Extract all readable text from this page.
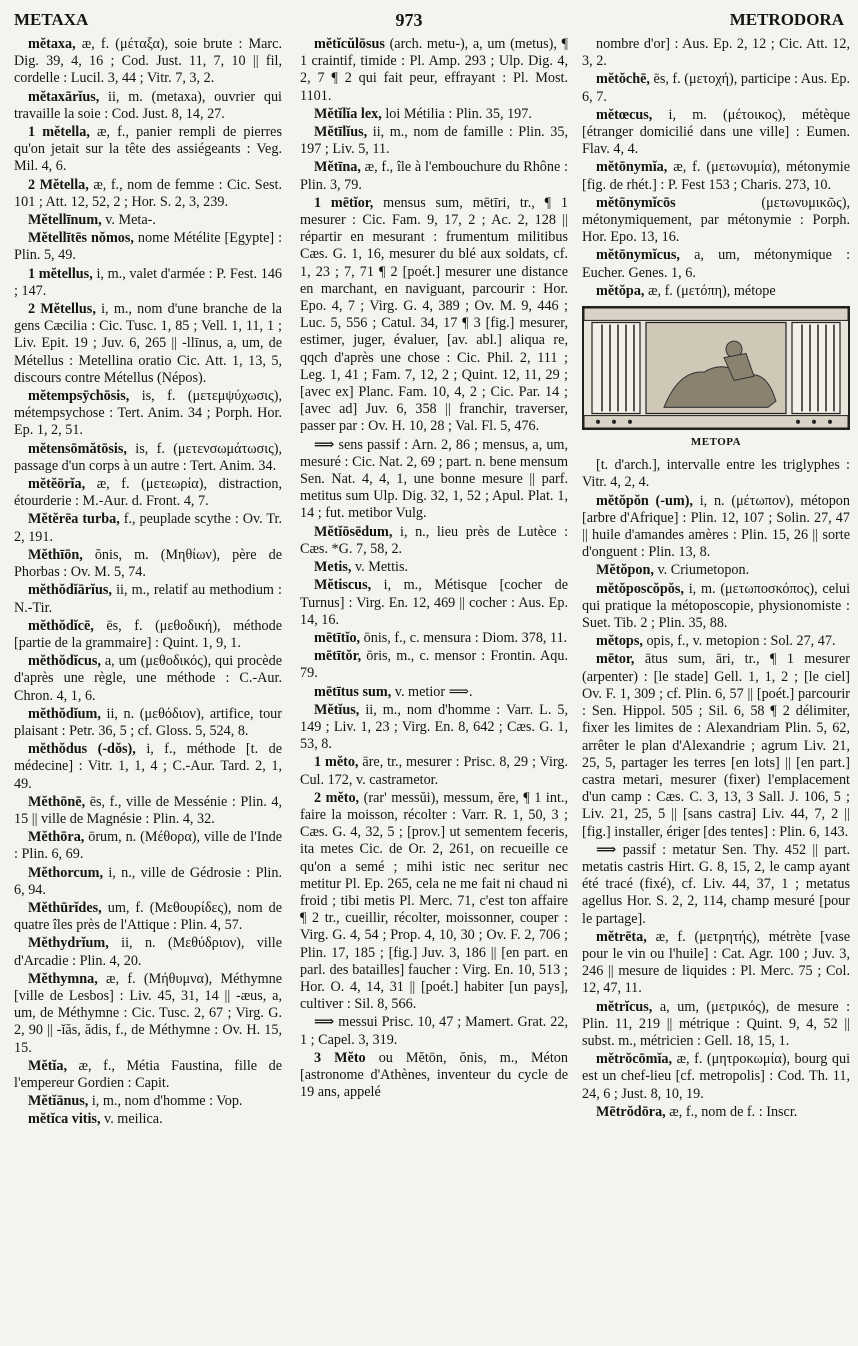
METAXA	973	METRODORA

mĕtaxa, æ, f. (μέταξα), soie brute : Marc. Dig. 39, 4, 16 ; Cod. Just. 11, 7, 10 || fil, cordelle : Lucil. 3, 44 ; Vitr. 7, 3, 2.

mĕtaxārĭus, ii, m. (metaxa), ouvrier qui travaille la soie : Cod. Just. 8, 14, 27.

1 mĕtella, æ, f., panier rempli de pierres qu'on jetait sur la tête des assiégeants : Veg. Mil. 4, 6.

2 Mĕtella, æ, f., nom de femme : Cic. Sest. 101 ; Att. 12, 52, 2 ; Hor. S. 2, 3, 239.

Mĕtellīnum, v. Meta-.

Mĕtellītēs nŏmos, nome Métélite [Egypte] : Plin. 5, 49.

1 mĕtellus, i, m., valet d'armée : P. Fest. 146 ; 147.

2 Mĕtellus, i, m., nom d'une branche de la gens Cæcilia : Cic. Tusc. 1, 85 ; Vell. 1, 11, 1 ; Liv. Epit. 19 ; Juv. 6, 265 || -llīnus, a, um, de Métellus : Metellina oratio Cic. Att. 1, 13, 5, discours contre Métellus (Népos).

mĕtempsȳchōsis, is, f. (μετεμψύχωσις), métempsychose : Tert. Anim. 34 ; Porph. Hor. Ep. 1, 2, 51.

mĕtensōmătōsis, is, f. (μετενσωμάτωσις), passage d'un corps à un autre : Tert. Anim. 34.

mĕtĕōrĭa, æ, f. (μετεωρία), distraction, étourderie : M.-Aur. d. Front. 4, 7.

Mĕtĕrēa turba, f., peuplade scythe : Ov. Tr. 2, 191.

Mĕthīōn, ŏnis, m. (Μηθίων), père de Phorbas : Ov. M. 5, 74.

mĕthŏdĭārĭus, ii, m., relatif au methodium : N.-Tir.

mĕthŏdĭcē, ēs, f. (μεθοδική), méthode [partie de la grammaire] : Quint. 1, 9, 1.

mĕthŏdĭcus, a, um (μεθοδικός), qui procède d'après une règle, une méthode : C.-Aur. Chron. 4, 1, 6.

mĕthŏdĭum, ii, n. (μεθόδιον), artifice, tour plaisant : Petr. 36, 5 ; cf. Gloss. 5, 524, 8.

mĕthŏdus (-dŏs), i, f., méthode [t. de médecine] : Vitr. 1, 1, 4 ; C.-Aur. Tard. 2, 1, 49.

Mĕthōnē, ēs, f., ville de Messénie : Plin. 4, 15 || ville de Magnésie : Plin. 4, 32.

Mĕthōra, ōrum, n. (Μέθορα), ville de l'Inde : Plin. 6, 69.

Mĕthorcum, i, n., ville de Gédrosie : Plin. 6, 94.

Mĕthūrĭdes, um, f. (Μεθουρίδες), nom de quatre îles près de l'Attique : Plin. 4, 57.

Mĕthydrĭum, ii, n. (Μεθύδριον), ville d'Arcadie : Plin. 4, 20.

Mĕthymna, æ, f. (Μήθυμνα), Méthymne [ville de Lesbos] : Liv. 45, 31, 14 || -æus, a, um, de Méthymne : Cic. Tusc. 2, 67 ; Virg. G. 2, 90 || -ĭăs, ădis, f., de Méthymne : Ov. H. 15, 15.

Mĕtĭa, æ, f., Métia Faustina, fille de l'empereur Gordien : Capit.

Mĕtĭānus, i, m., nom d'homme : Vop.

mĕtĭca vitis, v. meilica.

mĕtĭcŭlōsus (arch. metu-), a, um (metus), ¶ 1 craintif, timide : Pl. Amp. 293 ; Ulp. Dig. 4, 2, 7 ¶ 2 qui fait peur, effrayant : Pl. Most. 1101.

Mĕtĭlĭa lex, loi Métilia : Plin. 35, 197.

Mĕtīlĭus, ii, m., nom de famille : Plin. 35, 197 ; Liv. 5, 11.

Mĕtīna, æ, f., île à l'embouchure du Rhône : Plin. 3, 79.

1 mētĭor, mensus sum, mētīri, tr., ¶ 1 mesurer : Cic. Fam. 9, 17, 2 ; Ac. 2, 128 || répartir en mesurant : frumentum militibus Cæs. G. 1, 16, mesurer du blé aux soldats, cf. 1, 23 ; 7, 71 ¶ 2 [poét.] mesurer une distance en marchant, en naviguant, parcourir : Hor. Epo. 4, 7 ; Virg. G. 4, 389 ; Ov. M. 9, 446 ; Luc. 5, 556 ; Catul. 34, 17 ¶ 3 [fig.] mesurer, estimer, juger, évaluer, [av. abl.] aliqua re, qqch d'après une chose : Cic. Phil. 2, 111 ; Leg. 1, 41 ; Fam. 7, 12, 2 ; Quint. 12, 11, 29 ; [avec ex] Planc. Fam. 10, 4, 2 ; Cic. Par. 14 ; [avec ad] Juv. 6, 358 || franchir, traverser, passer par : Ov. H. 10, 28 ; Val. Fl. 5, 476.

⟹ sens passif : Arn. 2, 86 ; mensus, a, um, mesuré : Cic. Nat. 2, 69 ; part. n. bene mensum Sen. Nat. 4, 4, 1, une bonne mesure || parf. metitus sum Ulp. Dig. 32, 1, 52 ; Apul. Plat. 1, 14 ; fut. metibor Vulg.

Mĕtĭōsēdum, i, n., lieu près de Lutèce : Cæs. *G. 7, 58, 2.

Metis, v. Mettis.

Mĕtiscus, i, m., Métisque [cocher de Turnus] : Virg. En. 12, 469 || cocher : Aus. Ep. 14, 16.

mētītĭo, ōnis, f., c. mensura : Diom. 378, 11.

mētītŏr, ōris, m., c. mensor : Frontin. Aqu. 79.

mētītus sum, v. metior ⟹.

Mĕtĭus, ii, m., nom d'homme : Varr. L. 5, 149 ; Liv. 1, 23 ; Virg. En. 8, 642 ; Cæs. G. 1, 53, 8.

1 mĕto, āre, tr., mesurer : Prisc. 8, 29 ; Virg. Cul. 172, v. castrametor.

2 mĕto, (rar' messŭi), messum, ĕre, ¶ 1 int., faire la moisson, récolter : Varr. R. 1, 50, 3 ; Cæs. G. 4, 32, 5 ; [prov.] ut sementem feceris, ita metes Cic. de Or. 2, 261, on recueille ce qu'on a semé ; mihi istic nec seritur nec metitur Pl. Ep. 265, cela ne me fait ni chaud ni froid ; tibi metis Pl. Merc. 71, c'est ton affaire ¶ 2 tr., cueillir, récolter, moissonner, couper : Virg. G. 4, 54 ; Prop. 4, 10, 30 ; Ov. F. 2, 706 ; Plin. 17, 185 ; [fig.] Juv. 3, 186 || [en part. en parl. des batailles] faucher : Virg. En. 10, 513 ; Hor. O. 4, 14, 31 || [poét.] habiter [un pays], cultiver : Sil. 8, 566.

⟹ messui Prisc. 10, 47 ; Mamert. Grat. 22, 1 ; Capel. 3, 319.

3 Mĕto ou Mĕtōn, ŏnis, m., Méton [astronome d'Athènes, inventeur du cycle de 19 ans, appelé

nombre d'or] : Aus. Ep. 2, 12 ; Cic. Att. 12, 3, 2.

mĕtŏchē, ēs, f. (μετοχή), participe : Aus. Ep. 6, 7.

mĕtœcus, i, m. (μέτοικος), métèque [étranger domicilié dans une ville] : Eumen. Flav. 4, 4.

mĕtōnymĭa, æ, f. (μετωνυμία), métonymie [fig. de rhét.] : P. Fest 153 ; Charis. 273, 10.

mĕtōnymĭcōs	(μετωνυμικῶς), métonymiquement, par métonymie : Porph. Hor. Epo. 13, 16.

mĕtōnymĭcus, a, um, métonymique : Eucher. Genes. 1, 6.

mĕtŏpa, æ, f. (μετόπη), métope

METOPA

[t. d'arch.], intervalle entre les triglyphes : Vitr. 4, 2, 4.

mĕtŏpŏn (-um), i, n. (μέτωπον), métopon [arbre d'Afrique] : Plin. 12, 107 ; Solin. 27, 47 || huile d'amandes amères : Plin. 15, 26 || sorte d'onguent : Plin. 13, 8.

Mĕtŏpon, v. Criumetopon.

mĕtŏposcŏpŏs, i, m. (μετωποσκόπος), celui qui pratique la métoposcopie, physionomiste : Suet. Tib. 2 ; Plin. 35, 88.

mĕtops, opis, f., v. metopion : Sol. 27, 47.

mētor, ātus sum, āri, tr., ¶ 1 mesurer (arpenter) : [le stade] Gell. 1, 1, 2 ; [le ciel] Ov. F. 1, 309 ; cf. Plin. 6, 57 || [poét.] parcourir : Sen. Hippol. 505 ; Sil. 6, 58 ¶ 2 délimiter, fixer les limites de : Alexandriam Plin. 5, 62, arrêter le plan d'Alexandrie ; agrum Liv. 21, 25, 5, partager les terres [en lots] || [en part.] castra metari, mesurer (fixer) l'emplacement d'un camp : Cæs. C. 3, 13, 3 Sall. J. 106, 5 ; Liv. 21, 25, 5 || [sans castra] Liv. 44, 7, 2 || [fig.] installer, ériger [des tentes] : Plin. 6, 143.

⟹ passif : metatur Sen. Thy. 452 || part. metatis castris Hirt. G. 8, 15, 2, le camp ayant été tracé (fixé), cf. Liv. 44, 37, 1 ; metatus agellus Hor. S. 2, 2, 114, champ mesuré [pour le partage].

mĕtrēta, æ, f. (μετρητής), métrète [vase pour le vin ou l'huile] : Cat. Agr. 100 ; Juv. 3, 246 || mesure de liquides : Pl. Merc. 75 ; Col. 12, 47, 11.

mĕtrĭcus, a, um, (μετρικός), de mesure : Plin. 11, 219 || métrique : Quint. 9, 4, 52 || subst. m., métricien : Gell. 18, 15, 1.

mĕtrŏcōmĭa, æ, f. (μητροκωμία), bourg qui est un chef-lieu [cf. metropolis] : Cod. Th. 11, 24, 6 ; Just. 8, 10, 19.

Mētrŏdōra, æ, f., nom de f. : Inscr.
